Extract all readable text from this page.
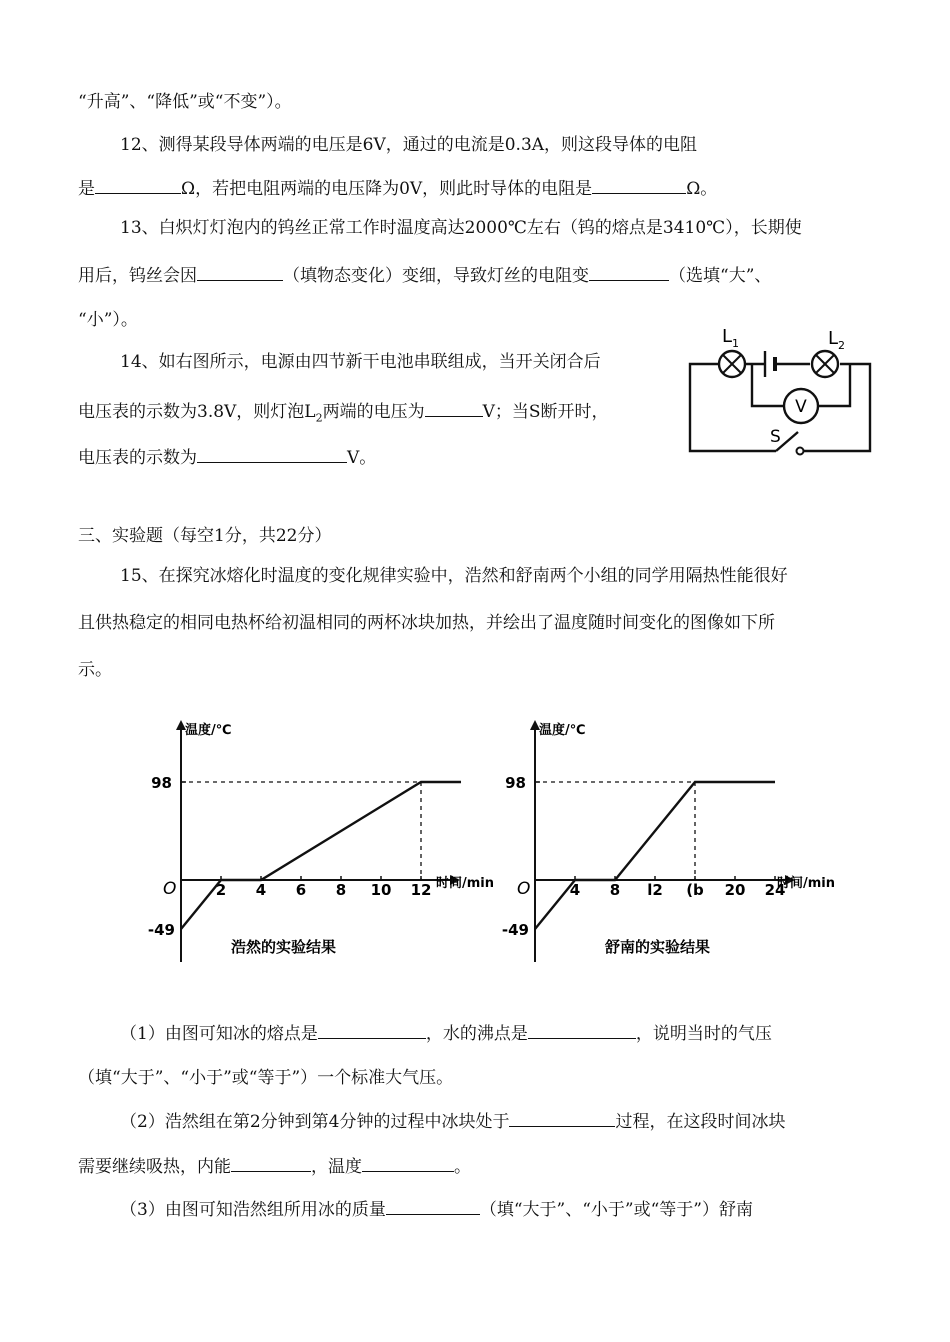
“升高”、“降低”或“不变”）。
12、测得某段导体两端的电压是6V，通过的电流是0.3A，则这段导体的电阻
是	Ω，若把电阻两端的电压降为0V，则此时导体的电阻是	Ω。
13、白炽灯灯泡内的钨丝正常工作时温度高达2000℃左右（钨的熔点是3410℃），长期使
用后，钨丝会因	（填物态变化）变细，导致灯丝的电阻变	（选填“大”、
“小”）。
14、如右图所示，电源由四节新干电池串联组成，当开关闭合后
电压表的示数为3.8V，则灯泡$L_2$两端的电压为	V；当S断开时，
电压表的示数为	V。
V
S
$L_1$	$L_2$
三、实验题（每空1分，共22分）
15、在探究冰熔化时温度的变化规律实验中，浩然和舒南两个小组的同学用隔热性能很好
且供热稳定的相同电热杯给初温相同的两杯冰块加热，并绘出了温度随时间变化的图像如下所
示。
温度/℃
时间/min
O
98
-49
2 4 6 8 10 12
浩然的实验结果
温度/℃
时间/min
O
98
-49
4 8 l2 (b 20 24
舒南的实验结果
（1）由图可知冰的熔点是	，水的沸点是	，说明当时的气压
（填“大于”、“小于”或“等于”）一个标准大气压。
（2）浩然组在第2分钟到第4分钟的过程中冰块处于	过程，在这段时间冰块
需要继续吸热，内能	，温度	。
（3）由图可知浩然组所用冰的质量	（填“大于”、“小于”或“等于”）舒南
